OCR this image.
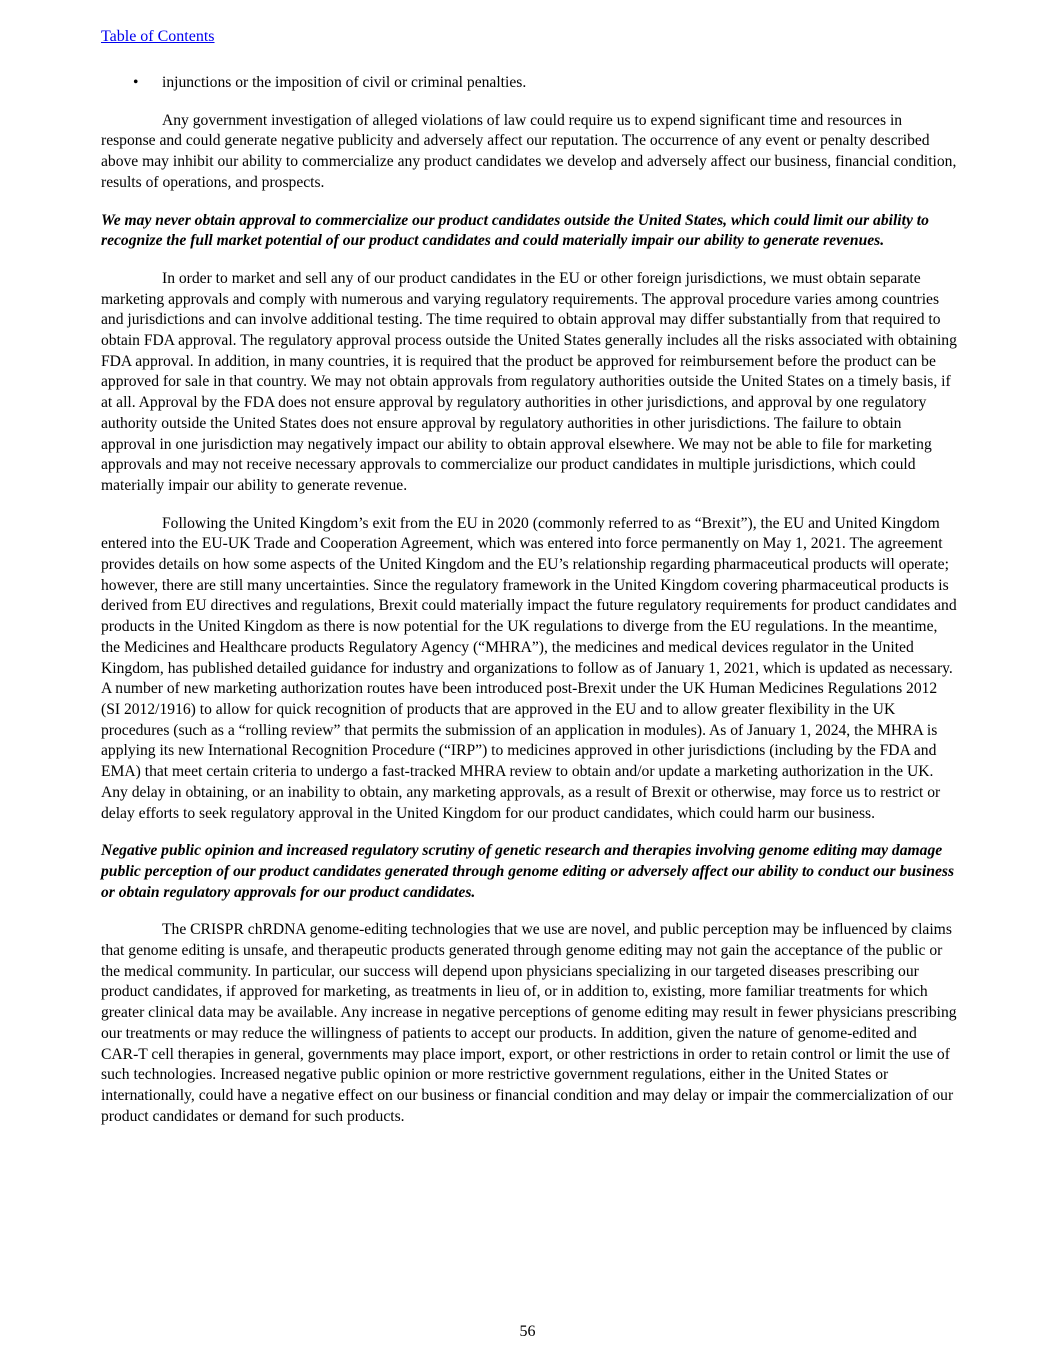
Table of Contents
• injunctions or the imposition of civil or criminal penalties.

Any government investigation of alleged violations of law could require us to expend significant time and resources in response and could generate negative publicity and adversely affect our reputation. The occurrence of any event or penalty described above may inhibit our ability to commercialize any product candidates we develop and adversely affect our business, financial condition, results of operations, and prospects.

We may never obtain approval to commercialize our product candidates outside the United States, which could limit our ability to recognize the full market potential of our product candidates and could materially impair our ability to generate revenues.

In order to market and sell any of our product candidates in the EU or other foreign jurisdictions, we must obtain separate marketing approvals and comply with numerous and varying regulatory requirements. The approval procedure varies among countries and jurisdictions and can involve additional testing. The time required to obtain approval may differ substantially from that required to obtain FDA approval. The regulatory approval process outside the United States generally includes all the risks associated with obtaining FDA approval. In addition, in many countries, it is required that the product be approved for reimbursement before the product can be approved for sale in that country. We may not obtain approvals from regulatory authorities outside the United States on a timely basis, if at all. Approval by the FDA does not ensure approval by regulatory authorities in other jurisdictions, and approval by one regulatory authority outside the United States does not ensure approval by regulatory authorities in other jurisdictions. The failure to obtain approval in one jurisdiction may negatively impact our ability to obtain approval elsewhere. We may not be able to file for marketing approvals and may not receive necessary approvals to commercialize our product candidates in multiple jurisdictions, which could materially impair our ability to generate revenue.

Following the United Kingdom’s exit from the EU in 2020 (commonly referred to as “Brexit”), the EU and United Kingdom entered into the EU-UK Trade and Cooperation Agreement, which was entered into force permanently on May 1, 2021. The agreement provides details on how some aspects of the United Kingdom and the EU’s relationship regarding pharmaceutical products will operate; however, there are still many uncertainties. Since the regulatory framework in the United Kingdom covering pharmaceutical products is derived from EU directives and regulations, Brexit could materially impact the future regulatory requirements for product candidates and products in the United Kingdom as there is now potential for the UK regulations to diverge from the EU regulations. In the meantime, the Medicines and Healthcare products Regulatory Agency (“MHRA”), the medicines and medical devices regulator in the United Kingdom, has published detailed guidance for industry and organizations to follow as of January 1, 2021, which is updated as necessary. A number of new marketing authorization routes have been introduced post-Brexit under the UK Human Medicines Regulations 2012 (SI 2012/1916) to allow for quick recognition of products that are approved in the EU and to allow greater flexibility in the UK procedures (such as a “rolling review” that permits the submission of an application in modules). As of January 1, 2024, the MHRA is applying its new International Recognition Procedure (“IRP”) to medicines approved in other jurisdictions (including by the FDA and EMA) that meet certain criteria to undergo a fast-tracked MHRA review to obtain and/or update a marketing authorization in the UK. Any delay in obtaining, or an inability to obtain, any marketing approvals, as a result of Brexit or otherwise, may force us to restrict or delay efforts to seek regulatory approval in the United Kingdom for our product candidates, which could harm our business.

Negative public opinion and increased regulatory scrutiny of genetic research and therapies involving genome editing may damage public perception of our product candidates generated through genome editing or adversely affect our ability to conduct our business or obtain regulatory approvals for our product candidates.

The CRISPR chRDNA genome-editing technologies that we use are novel, and public perception may be influenced by claims that genome editing is unsafe, and therapeutic products generated through genome editing may not gain the acceptance of the public or the medical community. In particular, our success will depend upon physicians specializing in our targeted diseases prescribing our product candidates, if approved for marketing, as treatments in lieu of, or in addition to, existing, more familiar treatments for which greater clinical data may be available. Any increase in negative perceptions of genome editing may result in fewer physicians prescribing our treatments or may reduce the willingness of patients to accept our products. In addition, given the nature of genome-edited and CAR-T cell therapies in general, governments may place import, export, or other restrictions in order to retain control or limit the use of such technologies. Increased negative public opinion or more restrictive government regulations, either in the United States or internationally, could have a negative effect on our business or financial condition and may delay or impair the commercialization of our product candidates or demand for such products.

56
